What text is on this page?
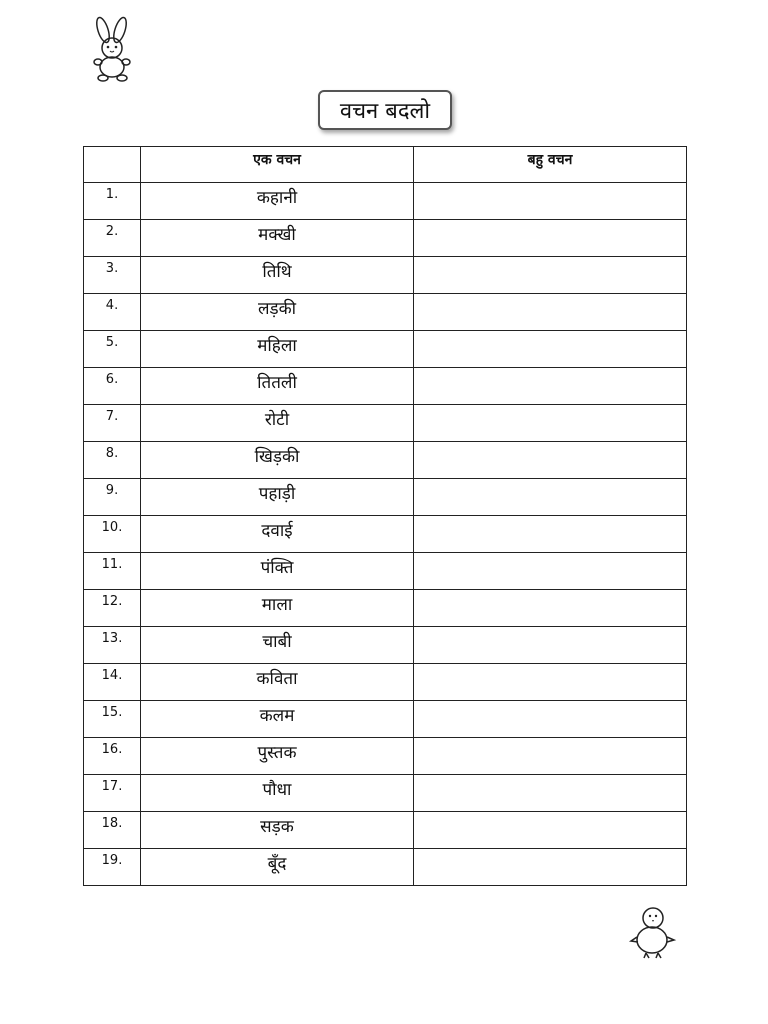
वचन बदलो
	एक वचन	बहु वचन
1.	कहानी	
2.	मक्खी	
3.	तिथि	
4.	लड़की	
5.	महिला	
6.	तितली	
7.	रोटी	
8.	खिड़की	
9.	पहाड़ी	
10.	दवाई	
11.	पंक्ति	
12.	माला	
13.	चाबी	
14.	कविता	
15.	कलम	
16.	पुस्तक	
17.	पौधा	
18.	सड़क	
19.	बूँद	
